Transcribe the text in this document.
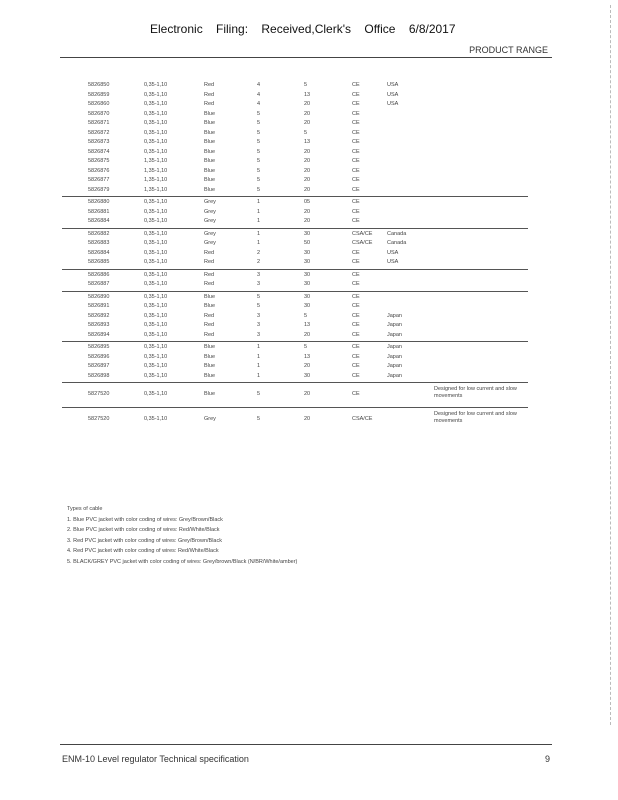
Electronic Filing: Received,Clerk's Office 6/8/2017
PRODUCT RANGE
5826850	0,35-1,10	Red	4	5	CE	USA
5826859	0,35-1,10	Red	4	13	CE	USA
5826860	0,35-1,10	Red	4	20	CE	USA
5826870	0,35-1,10	Blue	5	20	CE
5826871	0,35-1,10	Blue	5	20	CE
5826872	0,35-1,10	Blue	5	5	CE
5826873	0,35-1,10	Blue	5	13	CE
5826874	0,35-1,10	Blue	5	20	CE
5826875	1,35-1,10	Blue	5	20	CE
5826876	1,35-1,10	Blue	5	20	CE
5826877	1,35-1,10	Blue	5	20	CE
5826879	1,35-1,10	Blue	5	20	CE
5826880	0,35-1,10	Grey	1	05	CE
5826881	0,35-1,10	Grey	1	20	CE
5826884	0,35-1,10	Grey	1	20	CE
5826882	0,35-1,10	Grey	1	30	CSA/CE	Canada
5826883	0,35-1,10	Grey	1	50	CSA/CE	Canada
5826884	0,35-1,10	Red	2	30	CE	USA
5826885	0,35-1,10	Red	2	30	CE	USA
5826886	0,35-1,10	Red	3	30	CE
5826887	0,35-1,10	Red	3	30	CE
5826890	0,35-1,10	Blue	5	30	CE
5826891	0,35-1,10	Blue	5	30	CE
5826892	0,35-1,10	Red	3	5	CE	Japan
5826893	0,35-1,10	Red	3	13	CE	Japan
5826894	0,35-1,10	Red	3	20	CE	Japan
5826895	0,35-1,10	Blue	1	5	CE	Japan
5826896	0,35-1,10	Blue	1	13	CE	Japan
5826897	0,35-1,10	Blue	1	20	CE	Japan
5826898	0,35-1,10	Blue	1	30	CE	Japan
5827520	0,35-1,10	Blue	5	20	CE
Designed for low current and slow movements
5827520	0,35-1,10	Grey	5	20	CSA/CE
Designed for low current and slow movements
Types of cable
1. Blue PVC jacket with color coding of wires: Grey/Brown/Black
2. Blue PVC jacket with color coding of wires: Red/White/Black
3. Red PVC jacket with color coding of wires: Grey/Brown/Black
4. Red PVC jacket with color coding of wires: Red/White/Black
5. BLACK/GREY PVC jacket with color coding of wires: Grey/brown/Black (N/BR/White/amber)
ENM-10 Level regulator Technical specification	9
